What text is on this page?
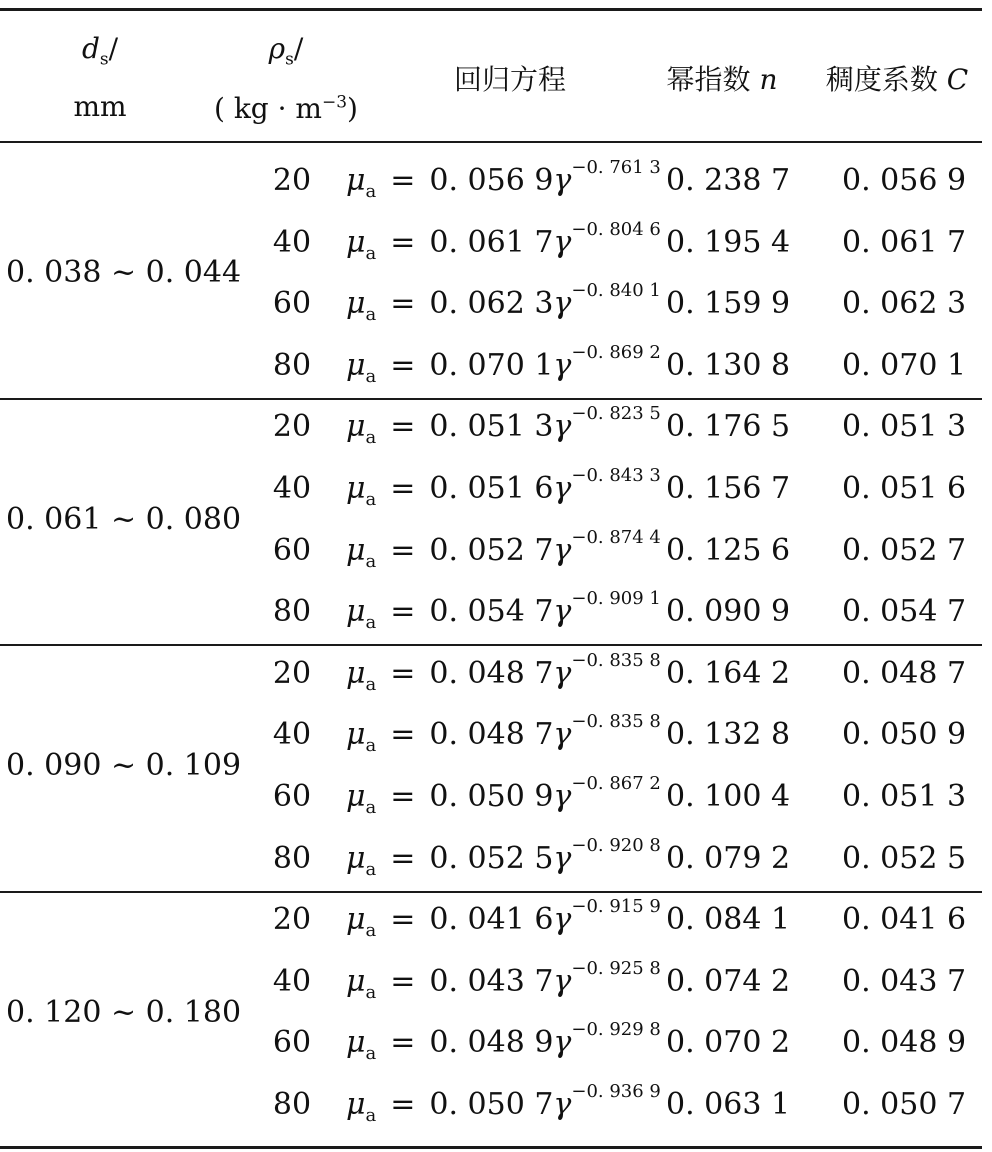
$d_s/$
mm
$\rho_s/$
( kg · $m^{-3}$)
回归方程	幂指数 n	稠度系数 C
0. 038 ~ 0. 044
20 $\mu_a = 0$. 056 $9\gamma^{-0. 761 3}$ 0. 238 7 0. 056 9
40 $\mu_a = 0$. 061 $7\gamma^{-0. 804 6}$ 0. 195 4 0. 061 7
60 $\mu_a = 0$. 062 $3\gamma^{-0. 840 1}$ 0. 159 9 0. 062 3
80 $\mu_a = 0$. 070 $1\gamma^{-0. 869 2}$ 0. 130 8 0. 070 1
0. 061 ~ 0. 080
20 $\mu_a = 0$. 051 $3\gamma^{-0. 823 5}$ 0. 176 5 0. 051 3
40 $\mu_a = 0$. 051 $6\gamma^{-0. 843 3}$ 0. 156 7 0. 051 6
60 $\mu_a = 0$. 052 $7\gamma^{-0. 874 4}$ 0. 125 6 0. 052 7
80 $\mu_a = 0$. 054 $7\gamma^{-0. 909 1}$ 0. 090 9 0. 054 7
0. 090 ~ 0. 109
20 $\mu_a = 0$. 048 $7\gamma^{-0. 835 8}$ 0. 164 2 0. 048 7
40 $\mu_a = 0$. 048 $7\gamma^{-0. 835 8}$ 0. 132 8 0. 050 9
60 $\mu_a = 0$. 050 $9\gamma^{-0. 867 2}$ 0. 100 4 0. 051 3
80 $\mu_a = 0$. 052 $5\gamma^{-0. 920 8}$ 0. 079 2 0. 052 5
0. 120 ~ 0. 180
20 $\mu_a = 0$. 041 $6\gamma^{-0. 915 9}$ 0. 084 1 0. 041 6
40 $\mu_a = 0$. 043 $7\gamma^{-0. 925 8}$ 0. 074 2 0. 043 7
60 $\mu_a = 0$. 048 $9\gamma^{-0. 929 8}$ 0. 070 2 0. 048 9
80 $\mu_a = 0$. 050 $7\gamma^{-0. 936 9}$ 0. 063 1 0. 050 7
